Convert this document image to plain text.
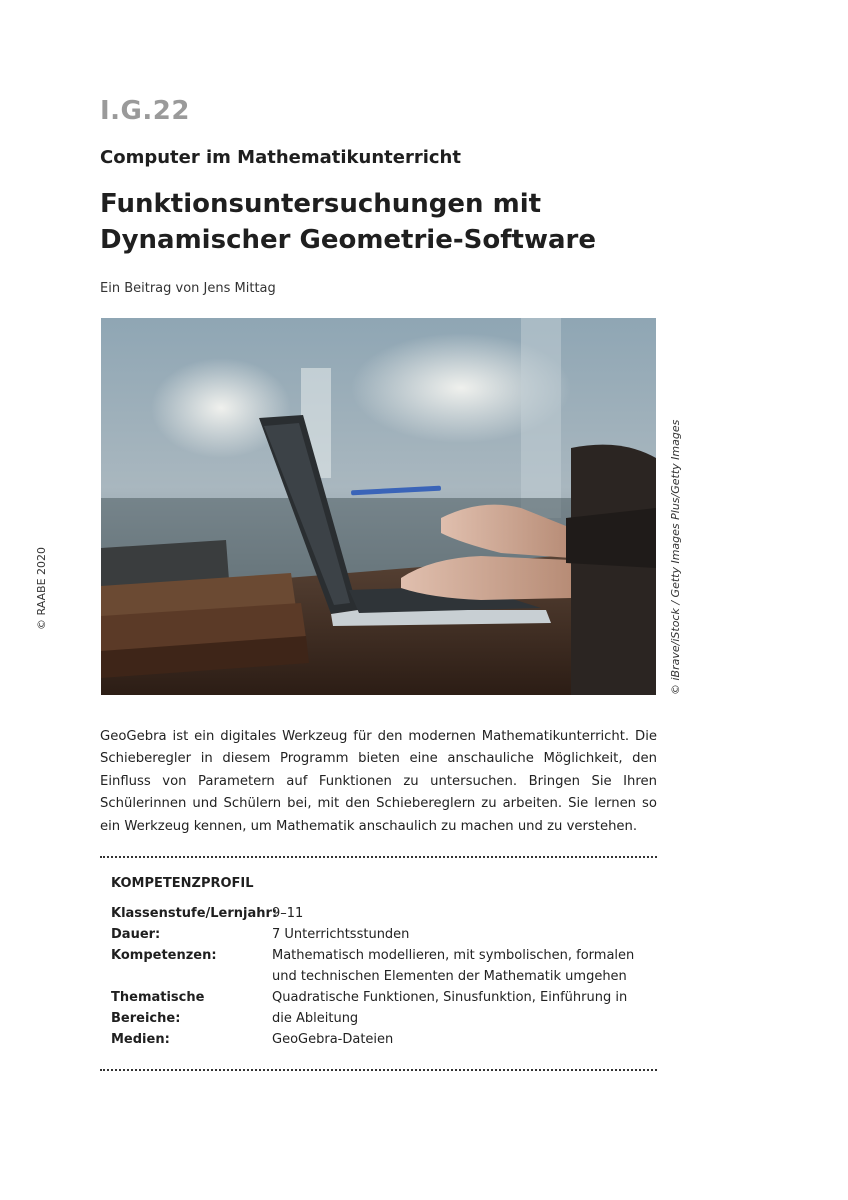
I.G.22
Computer im Mathematikunterricht
Funktionsuntersuchungen mit
Dynamischer Geometrie-Software
Ein Beitrag von Jens Mittag
© iBrave/iStock / Getty Images Plus/Getty Images
© RAABE 2020

GeoGebra ist ein digitales Werkzeug für den modernen Mathematikunterricht. Die Schieberegler in diesem Programm bieten eine anschauliche Möglichkeit, den Einfluss von Parametern auf Funktionen zu untersuchen. Bringen Sie Ihren Schülerinnen und Schülern bei, mit den Schiebereglern zu arbeiten. Sie lernen so ein Werkzeug kennen, um Mathematik anschaulich zu machen und zu verstehen.

KOMPETENZPROFIL
Klassenstufe/Lernjahr:
9–11
Dauer:	7 Unterrichtsstunden
Kompetenzen:	Mathematisch modellieren, mit symbolischen, formalen und technischen Elementen der Mathematik umgehen
Thematische Bereiche:
Quadratische Funktionen, Sinusfunktion, Einführung in die Ableitung
Medien:	GeoGebra-Dateien
